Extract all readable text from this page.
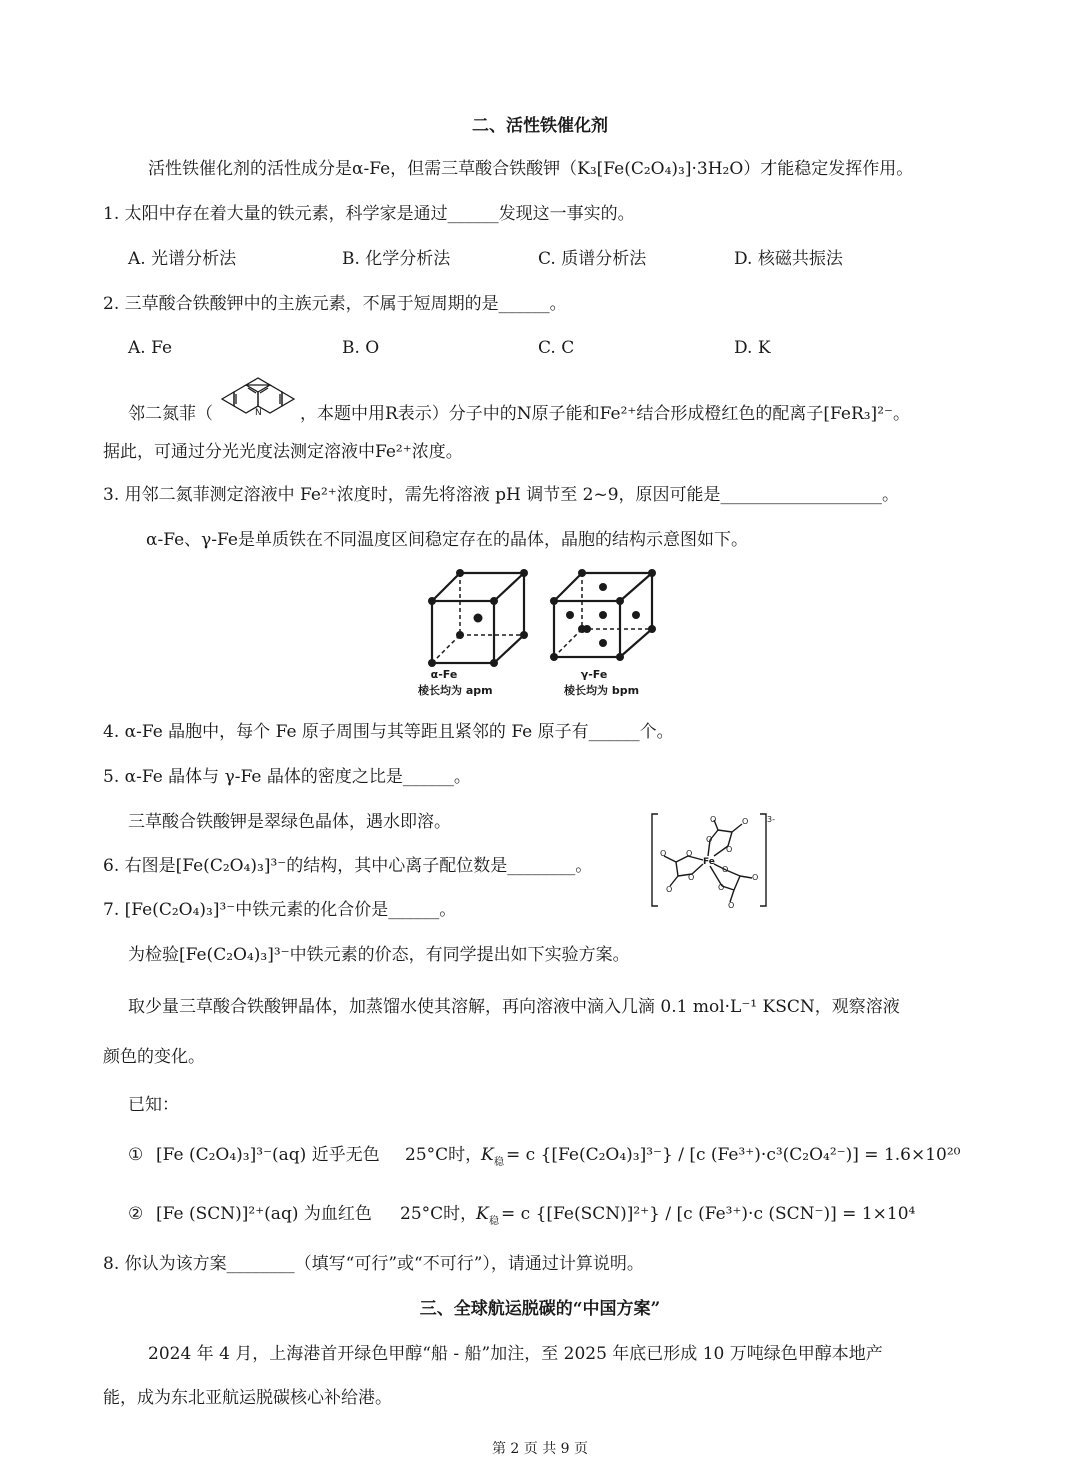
二、活性铁催化剂
活性铁催化剂的活性成分是α-Fe，但需三草酸合铁酸钾（K₃[Fe(C₂O₄)₃]·3H₂O）才能稳定发挥作用。
1. 太阳中存在着大量的铁元素，科学家是通过______发现这一事实的。
A. 光谱分析法	B. 化学分析法	C. 质谱分析法	D. 核磁共振法
2. 三草酸合铁酸钾中的主族元素，不属于短周期的是______。
A. Fe	B. O	C. C	D. K
邻二氮菲（	N ，本题中用R表示）分子中的N原子能和Fe²⁺结合形成橙红色的配离子[FeR₃]²⁻。
据此，可通过分光光度法测定溶液中Fe²⁺浓度。
3. 用邻二氮菲测定溶液中 Fe²⁺浓度时，需先将溶液 pH 调节至 2~9，原因可能是___________________。
α-Fe、γ-Fe是单质铁在不同温度区间稳定存在的晶体，晶胞的结构示意图如下。
α-Fe
棱长均为 apm
γ-Fe
棱长均为 bpm
4. α-Fe 晶胞中，每个 Fe 原子周围与其等距且紧邻的 Fe 原子有______个。
5. α-Fe 晶体与 γ-Fe 晶体的密度之比是______。
三草酸合铁酸钾是翠绿色晶体，遇水即溶。
6. 右图是[Fe(C₂O₄)₃]³⁻的结构，其中心离子配位数是________。
7. [Fe(C₂O₄)₃]³⁻中铁元素的化合价是______。
Fe
3-
O	O
O
O
O O
O
O
O
O
O
O
为检验[Fe(C₂O₄)₃]³⁻中铁元素的价态，有同学提出如下实验方案。
取少量三草酸合铁酸钾晶体，加蒸馏水使其溶解，再向溶液中滴入几滴 0.1 mol·L⁻¹ KSCN，观察溶液
颜色的变化。
已知：
① [Fe (C₂O₄)₃]³⁻(aq) 近乎无色 25°C时，
K 稳 = c {[Fe(C₂O₄)₃]³⁻} / [c (Fe³⁺)·c³(C₂O₄²⁻)] = 1.6×10²⁰
② [Fe (SCN)]²⁺(aq) 为血红色 25°C时，
K 稳 = c {[Fe(SCN)]²⁺} / [c (Fe³⁺)·c (SCN⁻)] = 1×10⁴
8. 你认为该方案________（填写“可行”或“不可行”），请通过计算说明。
三、全球航运脱碳的“中国方案”
2024 年 4 月，上海港首开绿色甲醇“船 - 船”加注，至 2025 年底已形成 10 万吨绿色甲醇本地产
能，成为东北亚航运脱碳核心补给港。
第 2 页 共 9 页
